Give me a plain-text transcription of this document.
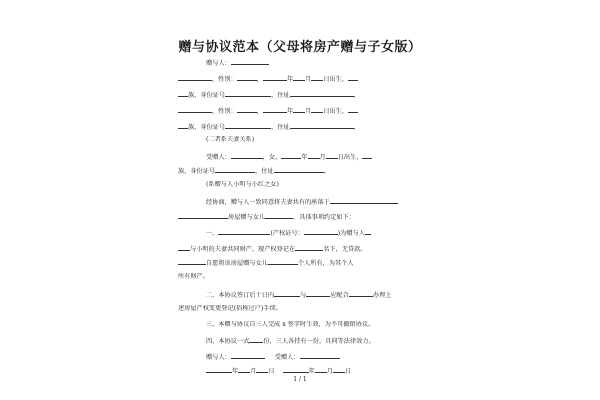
赠与协议范本（父母将房产赠与子女版）
赠与人：
，性别：	，	年 月 日出生，
族，身份证号	，住址	，
，性别：	，	年 月 日出生，
族，身份证号	，住址	，
(二者系夫妻关系)
受赠人：	，女，	年 月 日出生，
族，身份证号	，住址	。
(系赠与人小明与小红之女)
经协商，赠与人一致同意将夫妻共有的座落于
房屋赠与女儿	。具体事项约定如下：
一、	(产权证号：	)为赠与人
与小明的夫妻共同财产，现产权登记在	名下，无贷款。
自愿将该房屋赠与女儿	个人所有，为其个人
所有财产。
二、本协议签订后十日内	与	应配合	办理上
述房屋产权变更登记(俗称过户)手续。
三、本赠与协议自三人完成 x 签字时生效，为不可撤销协议。
四、本协议一式 份，三人各持有一份，具同等法律效力。
赠与人：	受赠人：
年 月 日	年 月 日
1 / 1
